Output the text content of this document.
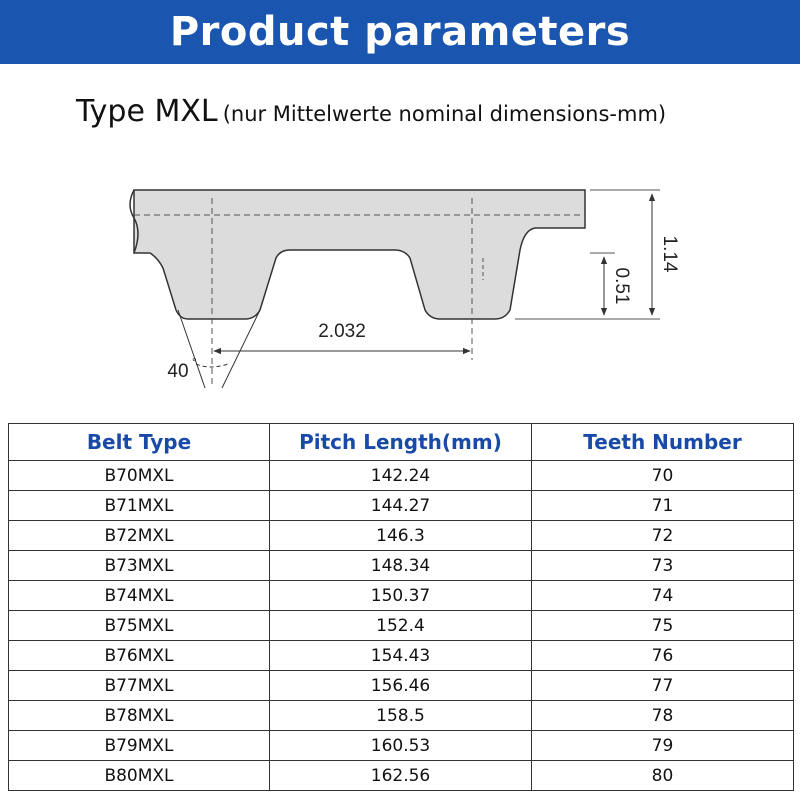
Product parameters
Type MXL (nur Mittelwerte nominal dimensions-mm)
2.032
40 °
1.14
0.51
Belt Type	Pitch Length(mm)	Teeth Number
B70MXL	142.24	70
B71MXL	144.27	71
B72MXL	146.3	72
B73MXL	148.34	73
B74MXL	150.37	74
B75MXL	152.4	75
B76MXL	154.43	76
B77MXL	156.46	77
B78MXL	158.5	78
B79MXL	160.53	79
B80MXL	162.56	80
